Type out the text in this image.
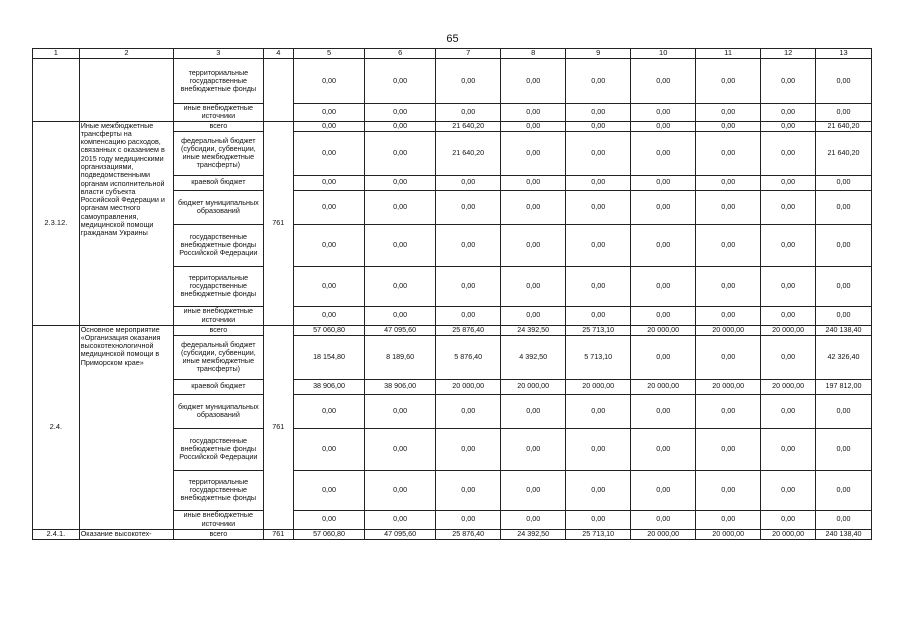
65
1	2	3	4	5	6	7	8	9	10	11	12	13
		территориальные государственные внебюджетные фонды		0,00	0,00	0,00	0,00	0,00	0,00	0,00	0,00	0,00
		иные внебюджетные источники		0,00	0,00	0,00	0,00	0,00	0,00	0,00	0,00	0,00
2.3.12.	Иные межбюджетные трансферты на компенсацию расходов, связанных с оказанием в 2015 году медицинскими организациями, подведомственными органам исполнительной власти субъекта Российской Федерации и органам местного самоуправления, медицинской помощи гражданам Украины	всего	761	0,00	0,00	21 640,20	0,00	0,00	0,00	0,00	0,00	21 640,20
		федеральный бюджет (субсидии, субвенции, иные межбюджетные трансферты)		0,00	0,00	21 640,20	0,00	0,00	0,00	0,00	0,00	21 640,20
		краевой бюджет		0,00	0,00	0,00	0,00	0,00	0,00	0,00	0,00	0,00
		бюджет муниципальных образований		0,00	0,00	0,00	0,00	0,00	0,00	0,00	0,00	0,00
		государственные внебюджетные фонды Российской Федерации		0,00	0,00	0,00	0,00	0,00	0,00	0,00	0,00	0,00
		территориальные государственные внебюджетные фонды		0,00	0,00	0,00	0,00	0,00	0,00	0,00	0,00	0,00
		иные внебюджетные источники		0,00	0,00	0,00	0,00	0,00	0,00	0,00	0,00	0,00
2.4.	Основное мероприятие «Организация оказания высокотехнологичной медицинской помощи в Приморском крае»	всего	761	57 060,80	47 095,60	25 876,40	24 392,50	25 713,10	20 000,00	20 000,00	20 000,00	240 138,40
		федеральный бюджет (субсидии, субвенции, иные межбюджетные трансферты)		18 154,80	8 189,60	5 876,40	4 392,50	5 713,10	0,00	0,00	0,00	42 326,40
		краевой бюджет		38 906,00	38 906,00	20 000,00	20 000,00	20 000,00	20 000,00	20 000,00	20 000,00	197 812,00
		бюджет муниципальных образований		0,00	0,00	0,00	0,00	0,00	0,00	0,00	0,00	0,00
		государственные внебюджетные фонды Российской Федерации		0,00	0,00	0,00	0,00	0,00	0,00	0,00	0,00	0,00
		территориальные государственные внебюджетные фонды		0,00	0,00	0,00	0,00	0,00	0,00	0,00	0,00	0,00
		иные внебюджетные источники		0,00	0,00	0,00	0,00	0,00	0,00	0,00	0,00	0,00
2.4.1.	Оказание высокотех-	всего	761	57 060,80	47 095,60	25 876,40	24 392,50	25 713,10	20 000,00	20 000,00	20 000,00	240 138,40
